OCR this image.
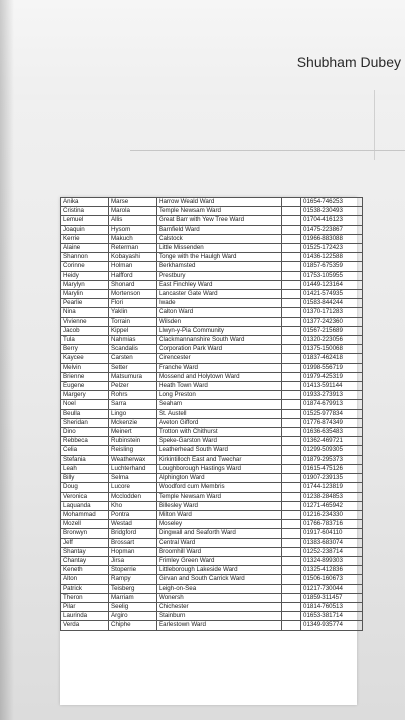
Shubham Dubey
Anika	Marse	Harrow Weald Ward		01654-746253
Cristina	Marola	Temple Newsam Ward		01538-230493
Lemuel	Allis	Great Barr with Yew Tree Ward		01704-416123
Joaquin	Hysom	Barnfield Ward		01475-223867
Kerrie	Makuch	Calstock		01966-883088
Alaine	Reterman	Little Missenden		01525-172423
Shannon	Kobayashi	Tonge with the Haulgh Ward		01436-122588
Corinne	Holman	Berkhamsted		01857-675359
Heidy	Halfford	Prestbury		01753-105955
Marylyn	Shonard	East Finchley Ward		01449-123164
Marylin	Mortenson	Lancaster Gate Ward		01421-574935
Pearlie	Flori	Iwade		01583-844244
Nina	Yaklin	Calton Ward		01370-171283
Vivienne	Torrain	Wilsden		01377-242360
Jacob	Kippel	Llwyn-y-Pia Community		01567-215689
Tula	Nahmias	Clackmannanshire South Ward		01320-223056
Berry	Scandalis	Corporation Park Ward		01375-150068
Kaycee	Carsten	Cirencester		01837-462418
Melvin	Setter	Franche Ward		01998-556719
Brienne	Matsumura	Mossend and Holytown Ward		01979-425319
Eugene	Pelzer	Heath Town Ward		01413-591144
Margery	Rohrs	Long Preston		01933-273913
Noel	Sarra	Seaham		01874-679913
Beulla	Lingo	St. Austell		01525-977834
Sheridan	Mckenzie	Aveton Gifford		01776-874349
Dino	Meinert	Trotton with Chithurst		01636-635483
Rebbeca	Rubinstein	Speke-Garston Ward		01362-469721
Celia	Reisling	Leatherhead South Ward		01299-509305
Stefania	Weatherwax	Kirkintilloch East and Twechar		01879-295373
Leah	Luchterhand	Loughborough Hastings Ward		01615-475126
Billy	Selma	Alphington Ward		01907-239135
Doug	Lucore	Woodford cum Membris		01744-123819
Veronica	Mcclodden	Temple Newsam Ward		01238-284853
Laquanda	Kho	Billesley Ward		01271-465942
Mohammad	Pontra	Milton Ward		01216-234330
Mozell	Westad	Moseley		01766-783716
Bronwyn	Bridgford	Dingwall and Seaforth Ward		01917-604110
Jeff	Brossart	Central Ward		01383-683074
Shantay	Hopman	Broomhill Ward		01252-238714
Chantay	Jirsa	Frimley Green Ward		01324-899303
Keneth	Stoperrie	Littleborough Lakeside Ward		01325-412836
Alton	Rampy	Girvan and South Carrick Ward		01506-160673
Patrick	Teisberg	Leigh-on-Sea		01217-730044
Theron	Marriam	Wonersh		01859-311457
Pilar	Seelig	Chichester		01814-760513
Laurinda	Argiro	Stainburn		01653-381714
Verda	Chiphe	Earlestown Ward		01349-935774
